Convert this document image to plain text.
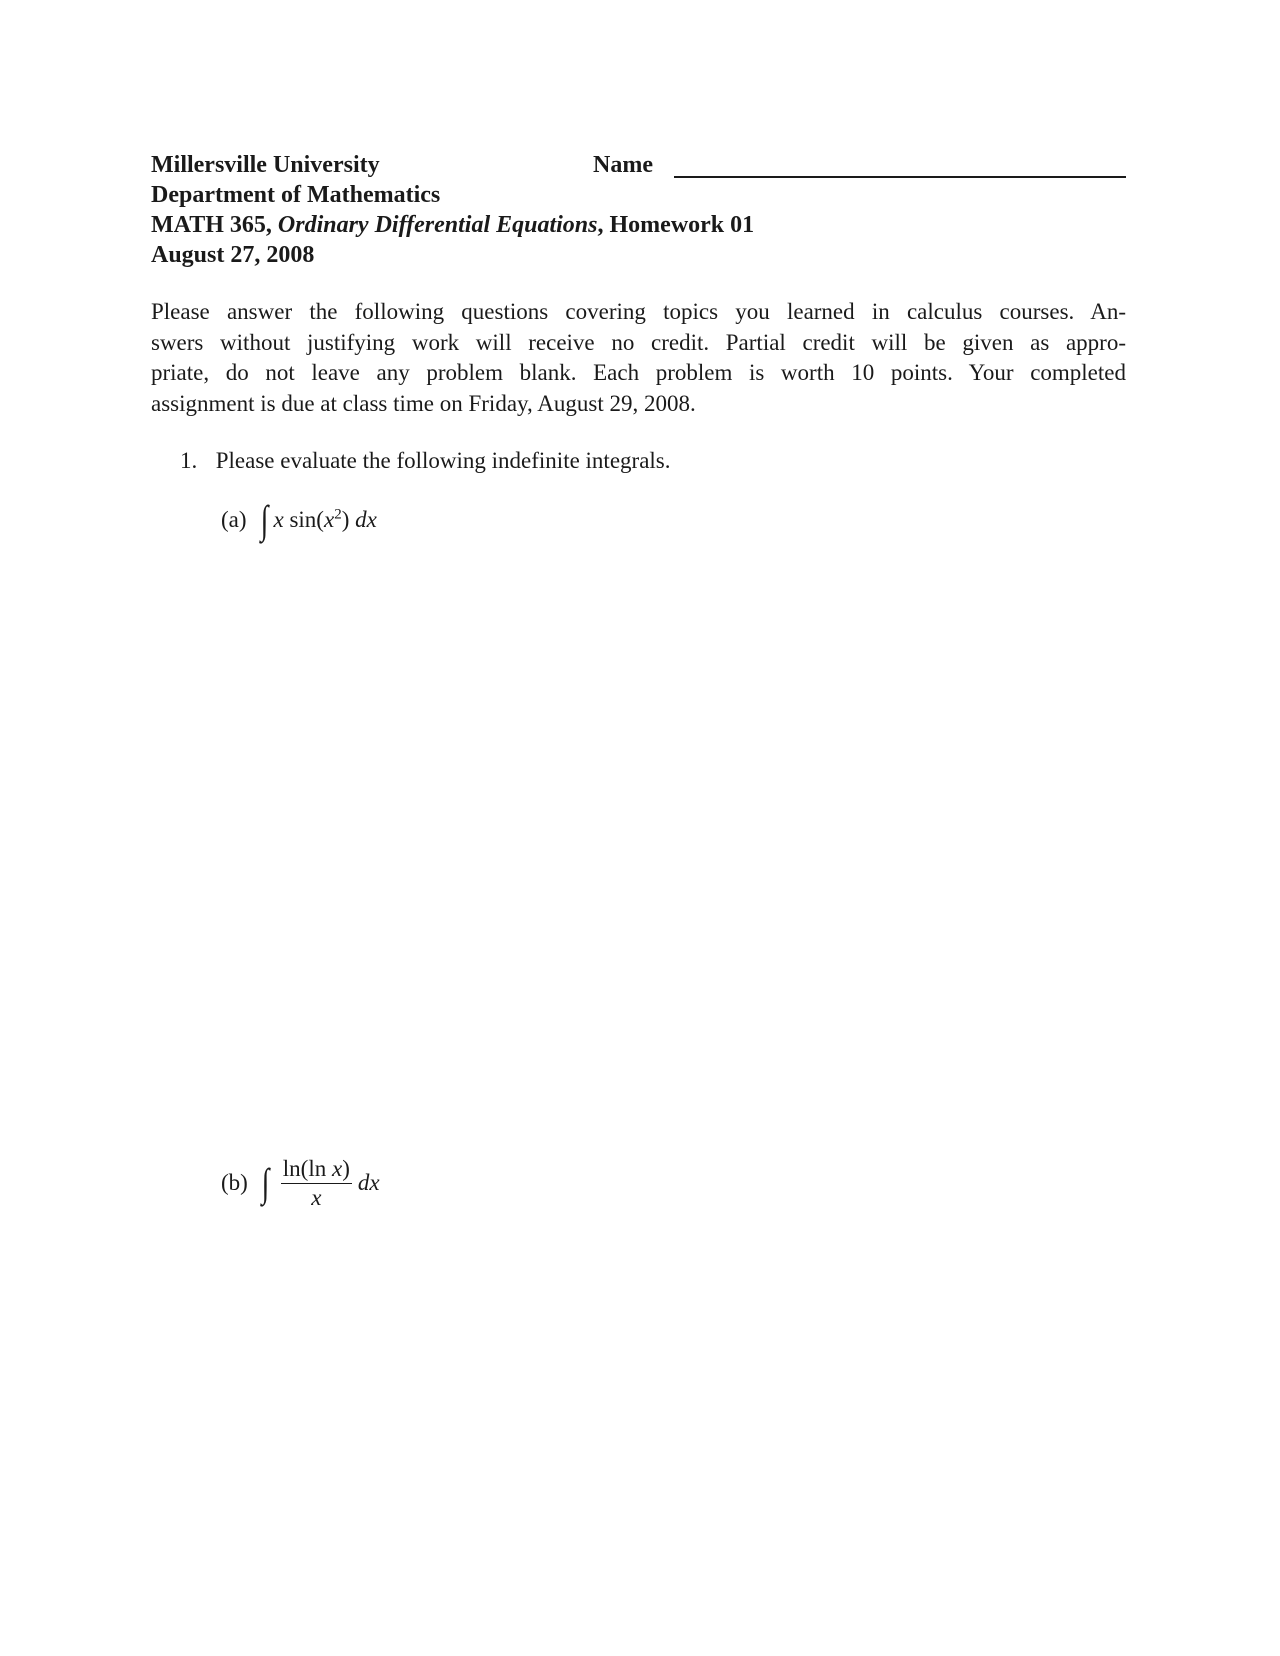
Millersville University
Department of Mathematics
MATH 365, Ordinary Differential Equations, Homework 01
August 27, 2008
Name
Please answer the following questions covering topics you learned in calculus courses. An-
swers without justifying work will receive no credit. Partial credit will be given as appro-
priate, do not leave any problem blank. Each problem is worth 10 points. Your completed
assignment is due at class time on Friday, August 29, 2008.
1. Please evaluate the following indefinite integrals.
(a) ∫ x $\sin(x^2)$ dx
(b) ∫ $\frac{\text{ln(ln x)}}{x}$ dx
